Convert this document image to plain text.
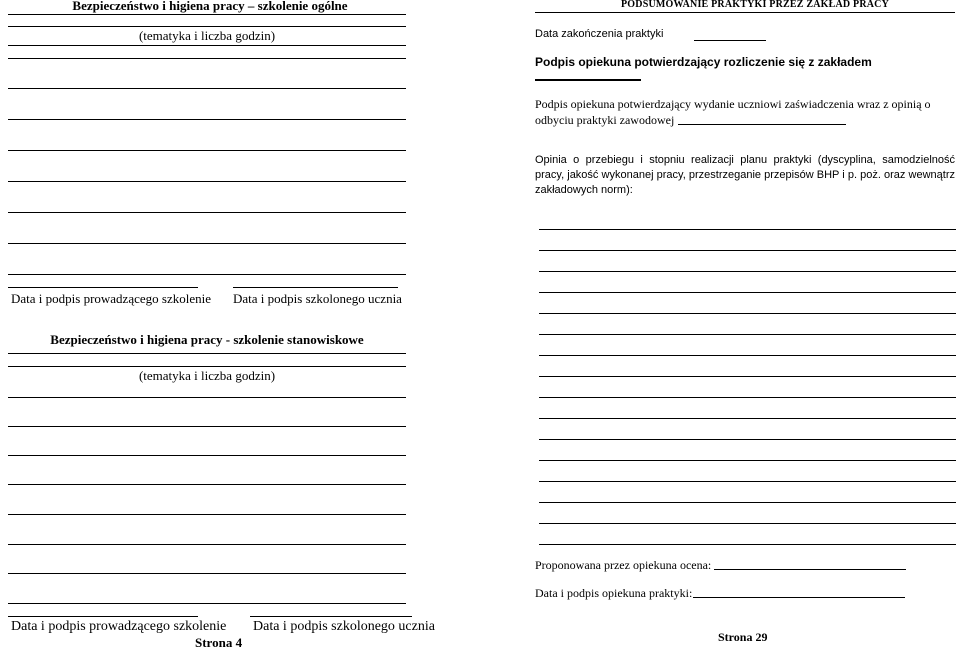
Bezpieczeństwo i higiena pracy – szkolenie ogólne
(tematyka i liczba godzin)
Data i podpis prowadzącego szkolenie Data i podpis szkolonego ucznia
Bezpieczeństwo i higiena pracy - szkolenie stanowiskowe
(tematyka i liczba godzin)
Data i podpis prowadzącego szkolenie Data i podpis szkolonego ucznia
Strona 4
PODSUMOWANIE PRAKTYKI PRZEZ ZAKŁAD PRACY
Data zakończenia praktyki
Podpis opiekuna potwierdzający rozliczenie się z zakładem
Podpis opiekuna potwierdzający wydanie uczniowi zaświadczenia wraz z opinią o odbyciu praktyki zawodowej
Opinia o przebiegu i stopniu realizacji planu praktyki (dyscyplina, samodzielność pracy, jakość wykonanej pracy, przestrzeganie przepisów BHP i p. poż. oraz wewnątrz zakładowych norm):
Proponowana przez opiekuna ocena:
Data i podpis opiekuna praktyki:
Strona 29
